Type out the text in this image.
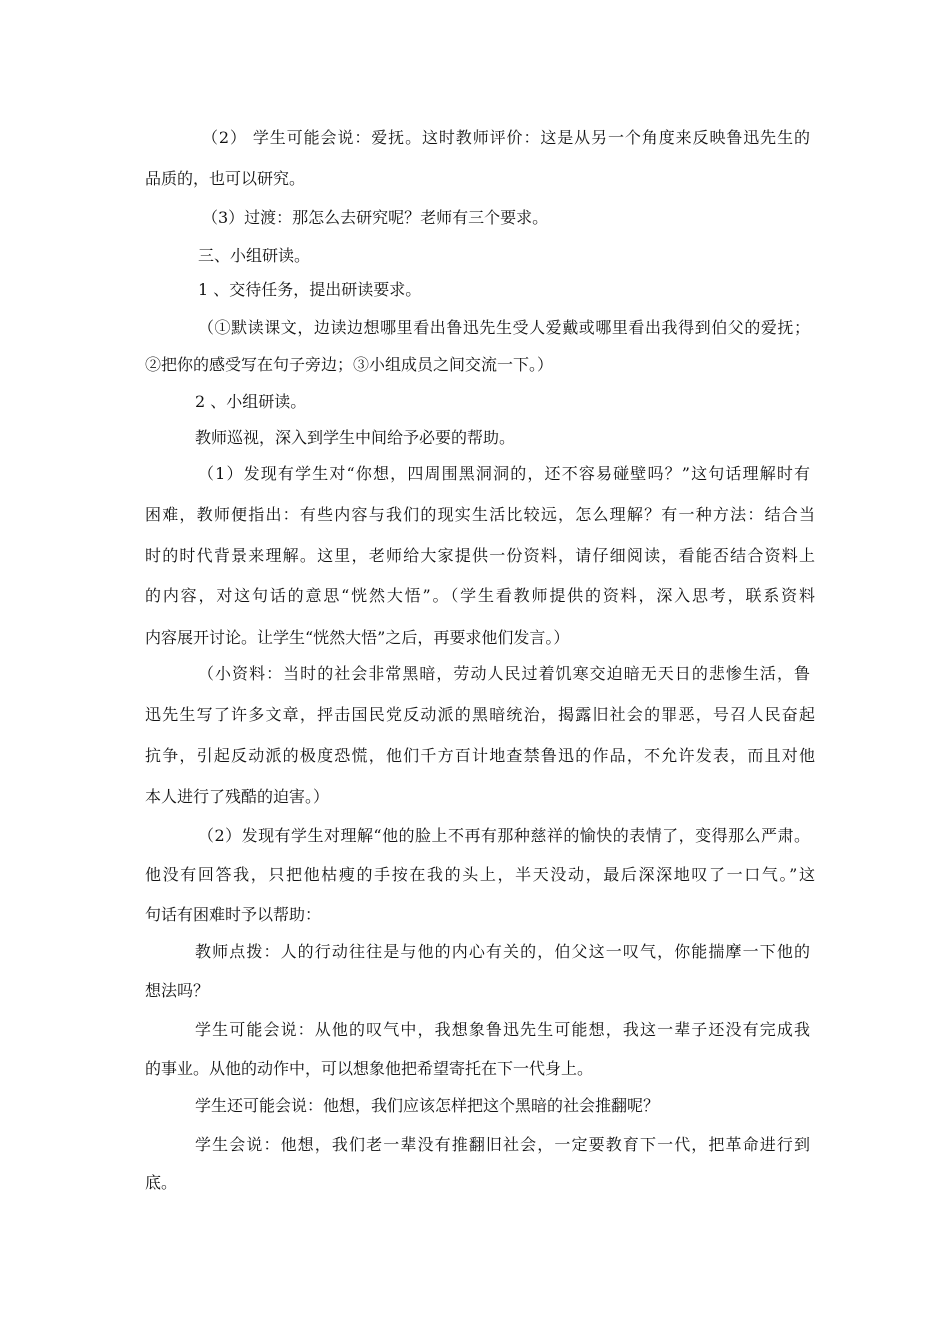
（2） 学生可能会说：爱抚。这时教师评价：这是从另一个角度来反映鲁迅先生的
品质的，也可以研究。
（3）过渡：那怎么去研究呢？老师有三个要求。
三、小组研读。
1 、交待任务，提出研读要求。
（①默读课文，边读边想哪里看出鲁迅先生受人爱戴或哪里看出我得到伯父的爱抚；
②把你的感受写在句子旁边；③小组成员之间交流一下。）
2 、小组研读。
教师巡视，深入到学生中间给予必要的帮助。
（1）发现有学生对“你想，四周围黑洞洞的，还不容易碰壁吗？”这句话理解时有
困难，教师便指出：有些内容与我们的现实生活比较远，怎么理解？有一种方法：结合当
时的时代背景来理解。这里，老师给大家提供一份资料，请仔细阅读，看能否结合资料上
的内容，对这句话的意思“恍然大悟”。（学生看教师提供的资料，深入思考，联系资料
内容展开讨论。让学生“恍然大悟”之后，再要求他们发言。）
（小资料：当时的社会非常黑暗，劳动人民过着饥寒交迫暗无天日的悲惨生活，鲁
迅先生写了许多文章，抨击国民党反动派的黑暗统治，揭露旧社会的罪恶，号召人民奋起
抗争，引起反动派的极度恐慌，他们千方百计地查禁鲁迅的作品，不允许发表，而且对他
本人进行了残酷的迫害。）
（2）发现有学生对理解“他的脸上不再有那种慈祥的愉快的表情了，变得那么严肃。
他没有回答我，只把他枯瘦的手按在我的头上，半天没动，最后深深地叹了一口气。”这
句话有困难时予以帮助：
教师点拨：人的行动往往是与他的内心有关的，伯父这一叹气，你能揣摩一下他的
想法吗？
学生可能会说：从他的叹气中，我想象鲁迅先生可能想，我这一辈子还没有完成我
的事业。从他的动作中，可以想象他把希望寄托在下一代身上。
学生还可能会说：他想，我们应该怎样把这个黑暗的社会推翻呢？
学生会说：他想，我们老一辈没有推翻旧社会，一定要教育下一代，把革命进行到
底。
